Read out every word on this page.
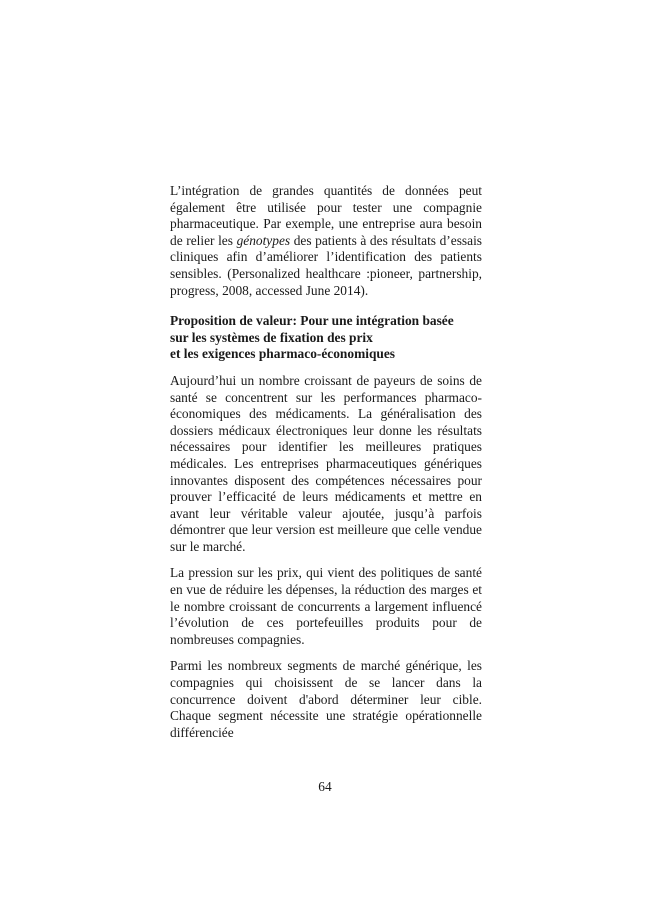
L’intégration de grandes quantités de données peut également être utilisée pour tester une compagnie pharmaceutique. Par exemple, une entreprise aura besoin de relier les génotypes des patients à des résultats d’essais cliniques afin d’améliorer l’identification des patients sensibles. (Personalized healthcare :pioneer, partnership, progress, 2008, accessed June 2014).

Proposition de valeur: Pour une intégration basée
sur les systèmes de fixation des prix
et les exigences pharmaco-économiques

Aujourd’hui un nombre croissant de payeurs de soins de santé se concentrent sur les performances pharmaco-économiques des médicaments. La généralisation des dossiers médicaux électroniques leur donne les résultats nécessaires pour identifier les meilleures pratiques médicales. Les entreprises pharmaceutiques génériques innovantes disposent des compétences nécessaires pour prouver l’efficacité de leurs médicaments et mettre en avant leur véritable valeur ajoutée, jusqu’à parfois démontrer que leur version est meilleure que celle vendue sur le marché.

La pression sur les prix, qui vient des politiques de santé en vue de réduire les dépenses, la réduction des marges et le nombre croissant de concurrents a largement influencé l’évolution de ces portefeuilles produits pour de nombreuses compagnies.

Parmi les nombreux segments de marché générique, les compagnies qui choisissent de se lancer dans la concurrence doivent d'abord déterminer leur cible. Chaque segment nécessite une stratégie opérationnelle différenciée

64
